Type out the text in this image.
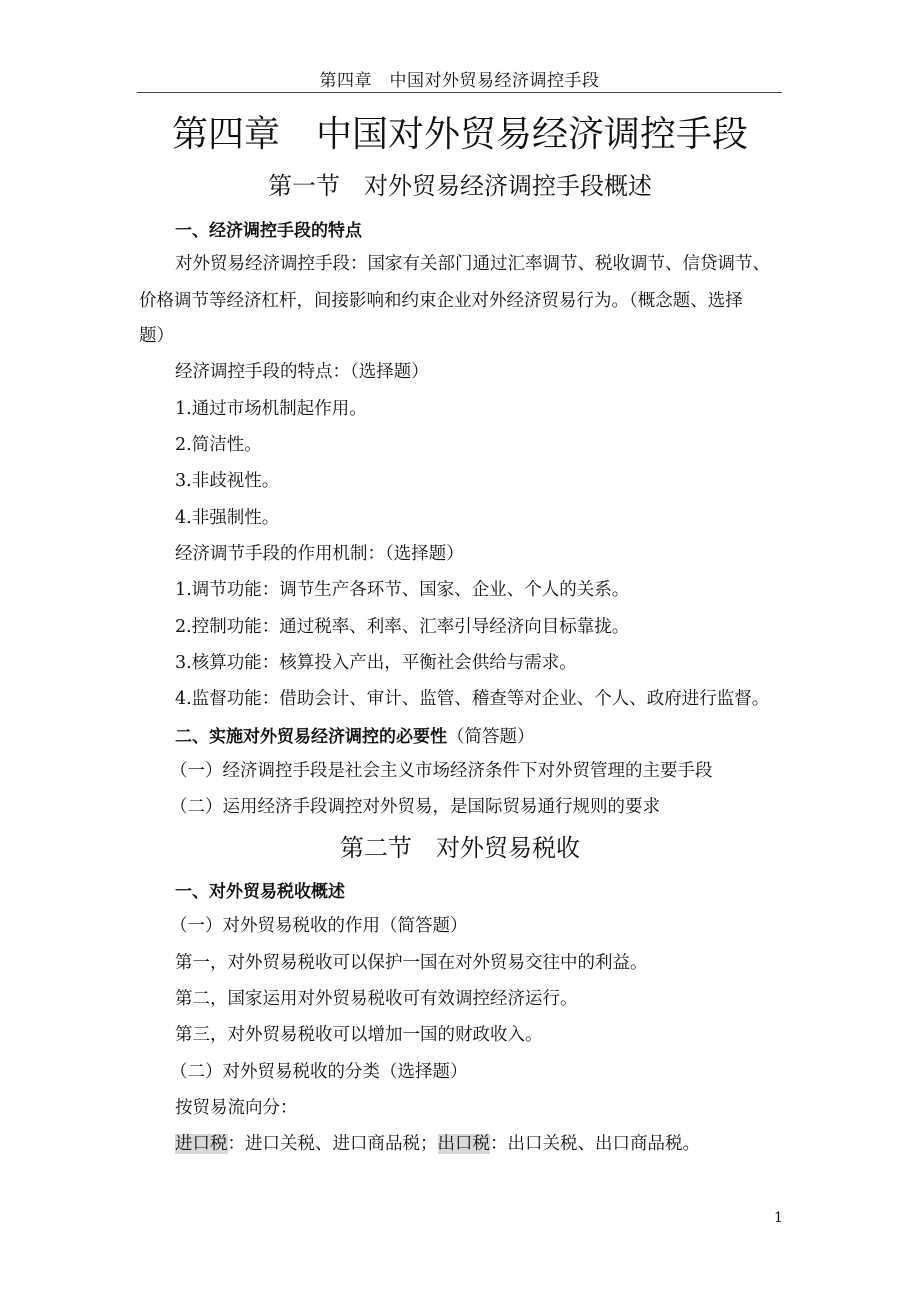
第四章　中国对外贸易经济调控手段
第四章　中国对外贸易经济调控手段
第一节　对外贸易经济调控手段概述
一、经济调控手段的特点
对外贸易经济调控手段：国家有关部门通过汇率调节、税收调节、信贷调节、
价格调节等经济杠杆，间接影响和约束企业对外经济贸易行为。（概念题、选择
题）
经济调控手段的特点：（选择题）
1.通过市场机制起作用。
2.简洁性。
3.非歧视性。
4.非强制性。
经济调节手段的作用机制：（选择题）
1.调节功能：调节生产各环节、国家、企业、个人的关系。
2.控制功能：通过税率、利率、汇率引导经济向目标靠拢。
3.核算功能：核算投入产出，平衡社会供给与需求。
4.监督功能：借助会计、审计、监管、稽查等对企业、个人、政府进行监督。
二、实施对外贸易经济调控的必要性（简答题）
（一）经济调控手段是社会主义市场经济条件下对外贸管理的主要手段
（二）运用经济手段调控对外贸易，是国际贸易通行规则的要求
第二节　对外贸易税收
一、对外贸易税收概述
（一）对外贸易税收的作用（简答题）
第一，对外贸易税收可以保护一国在对外贸易交往中的利益。
第二，国家运用对外贸易税收可有效调控经济运行。
第三，对外贸易税收可以增加一国的财政收入。
（二）对外贸易税收的分类（选择题）
按贸易流向分：
进口税：进口关税、进口商品税；出口税：出口关税、出口商品税。
1
